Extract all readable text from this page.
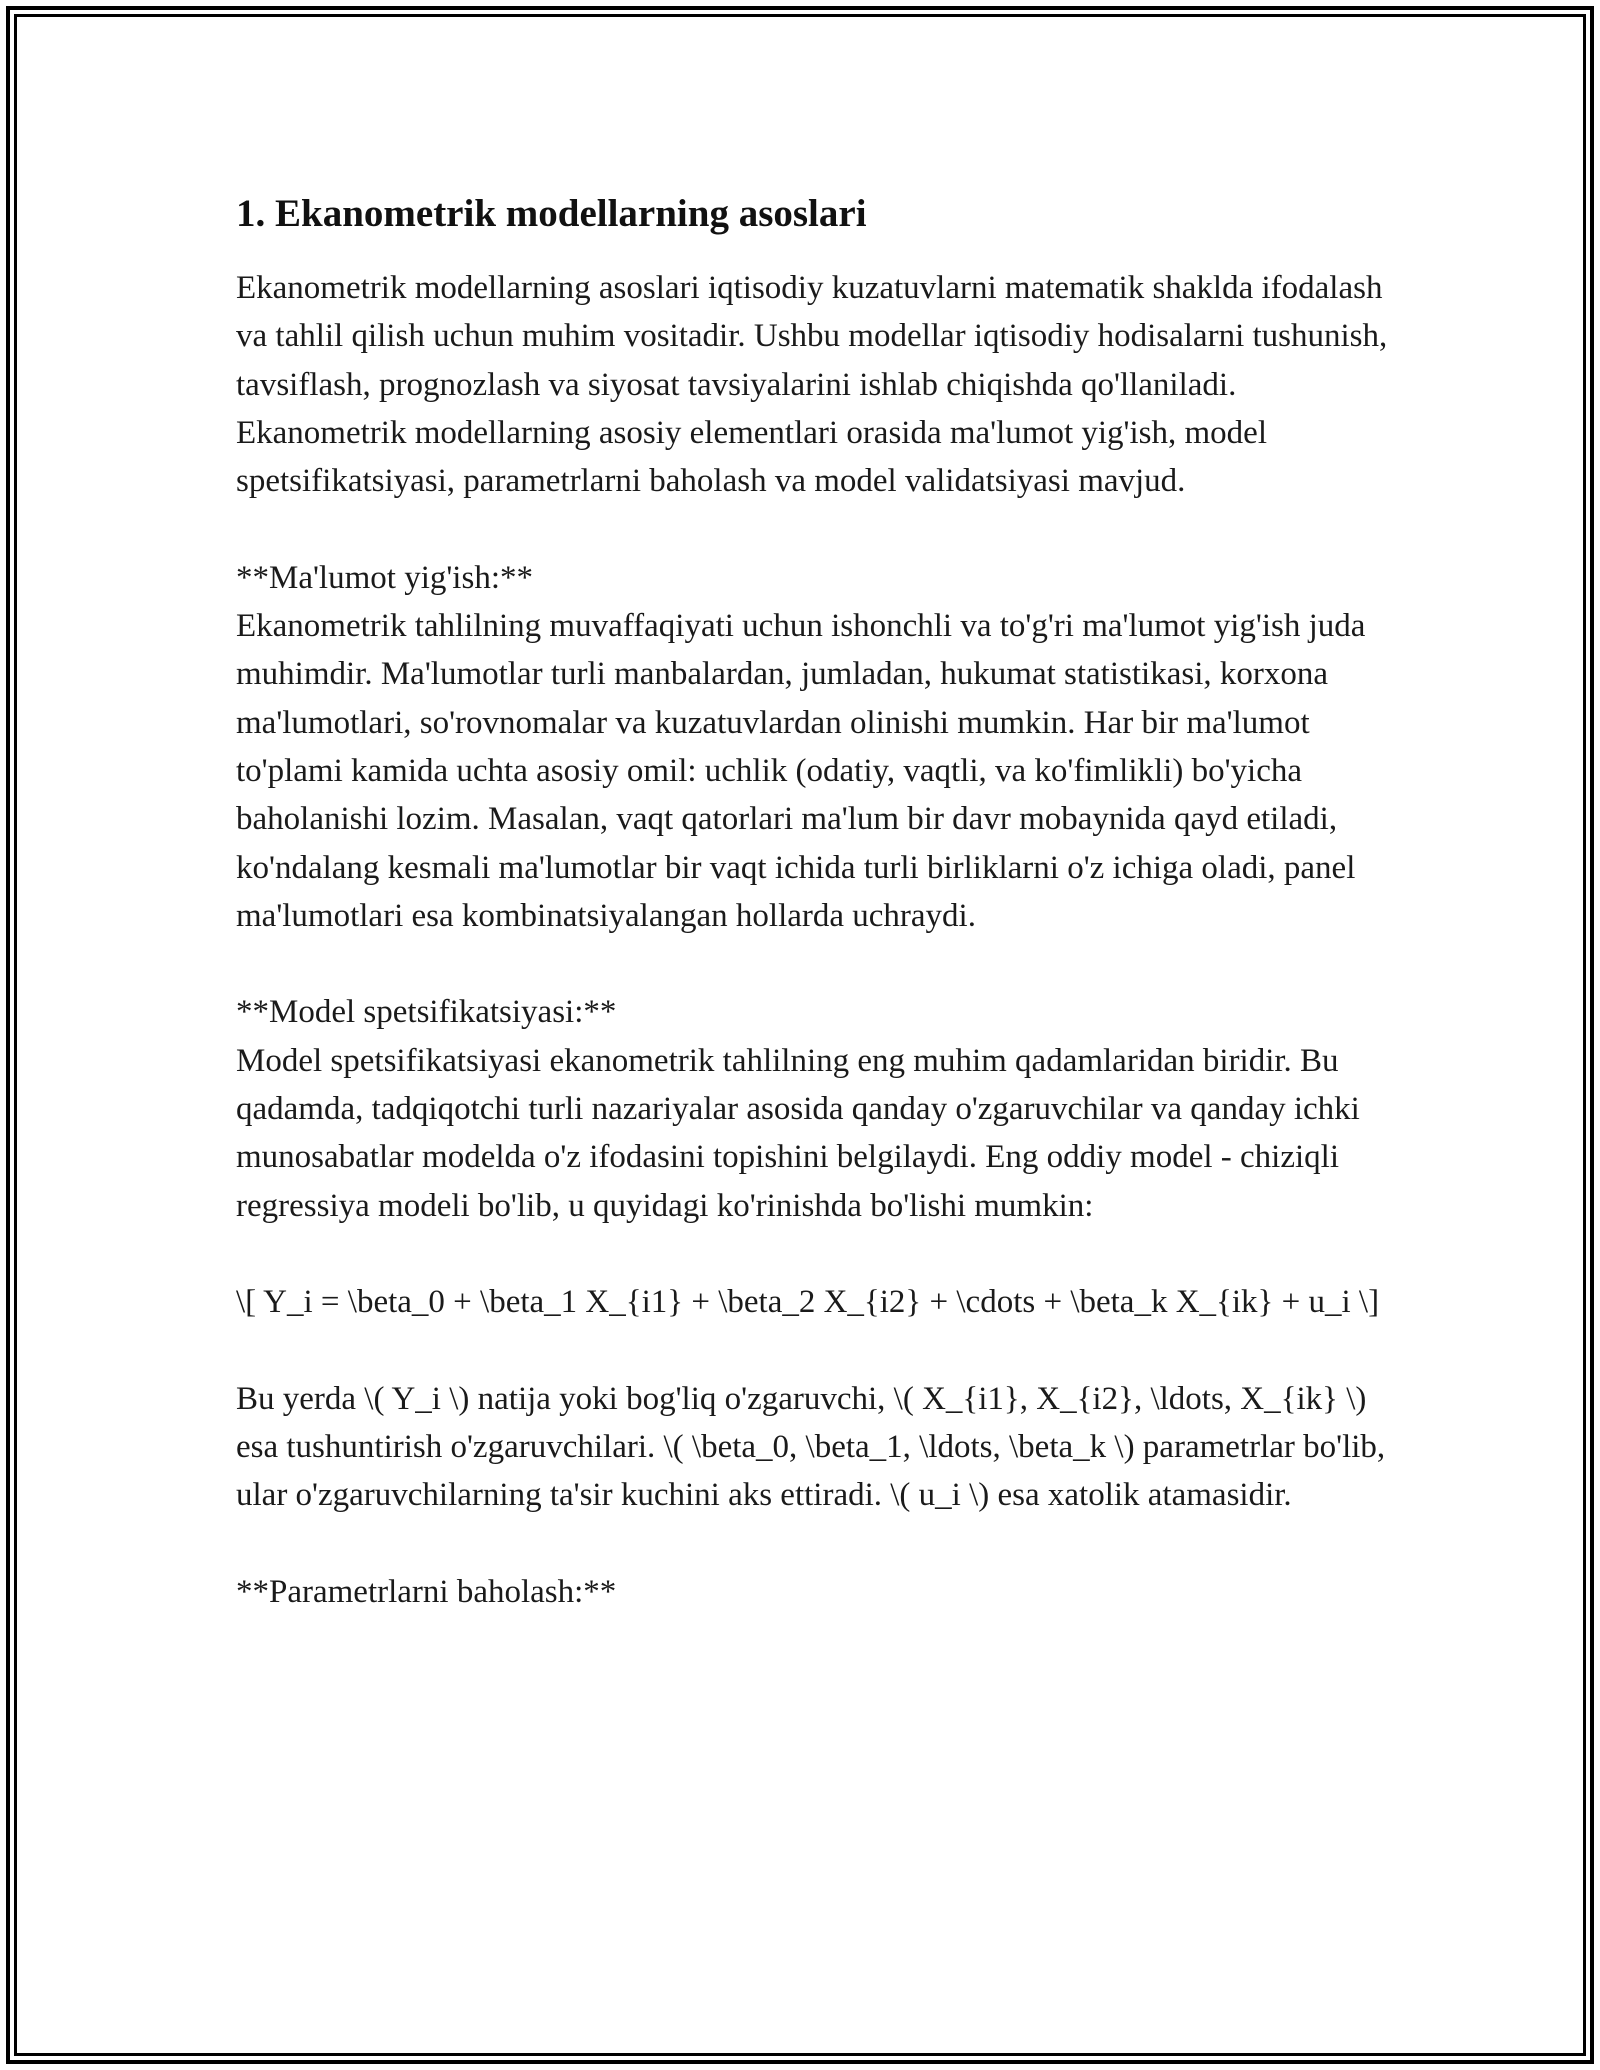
1. Ekanometrik modellarning asoslari

Ekanometrik modellarning asoslari iqtisodiy kuzatuvlarni matematik shaklda ifodalash va tahlil qilish uchun muhim vositadir. Ushbu modellar iqtisodiy hodisalarni tushunish, tavsiflash, prognozlash va siyosat tavsiyalarini ishlab chiqishda qo'llaniladi. Ekanometrik modellarning asosiy elementlari orasida ma'lumot yig'ish, model spetsifikatsiyasi, parametrlarni baholash va model validatsiyasi mavjud.

**Ma'lumot yig'ish:**

Ekanometrik tahlilning muvaffaqiyati uchun ishonchli va to'g'ri ma'lumot yig'ish juda muhimdir. Ma'lumotlar turli manbalardan, jumladan, hukumat statistikasi, korxona ma'lumotlari, so'rovnomalar va kuzatuvlardan olinishi mumkin. Har bir ma'lumot to'plami kamida uchta asosiy omil: uchlik (odatiy, vaqtli, va ko'fimlikli) bo'yicha baholanishi lozim. Masalan, vaqt qatorlari ma'lum bir davr mobaynida qayd etiladi, ko'ndalang kesmali ma'lumotlar bir vaqt ichida turli birliklarni o'z ichiga oladi, panel ma'lumotlari esa kombinatsiyalangan hollarda uchraydi.

**Model spetsifikatsiyasi:**

Model spetsifikatsiyasi ekanometrik tahlilning eng muhim qadamlaridan biridir. Bu qadamda, tadqiqotchi turli nazariyalar asosida qanday o'zgaruvchilar va qanday ichki munosabatlar modelda o'z ifodasini topishini belgilaydi. Eng oddiy model - chiziqli regressiya modeli bo'lib, u quyidagi ko'rinishda bo'lishi mumkin:

\[ Y_i = \beta_0 + \beta_1 X_{i1} + \beta_2 X_{i2} + \cdots + \beta_k X_{ik} + u_i \]

Bu yerda \( Y_i \) natija yoki bog'liq o'zgaruvchi, \( X_{i1}, X_{i2}, \ldots, X_{ik} \) esa tushuntirish o'zgaruvchilari. \( \beta_0, \beta_1, \ldots, \beta_k \) parametrlar bo'lib, ular o'zgaruvchilarning ta'sir kuchini aks ettiradi. \( u_i \) esa xatolik atamasidir.

**Parametrlarni baholash:**
